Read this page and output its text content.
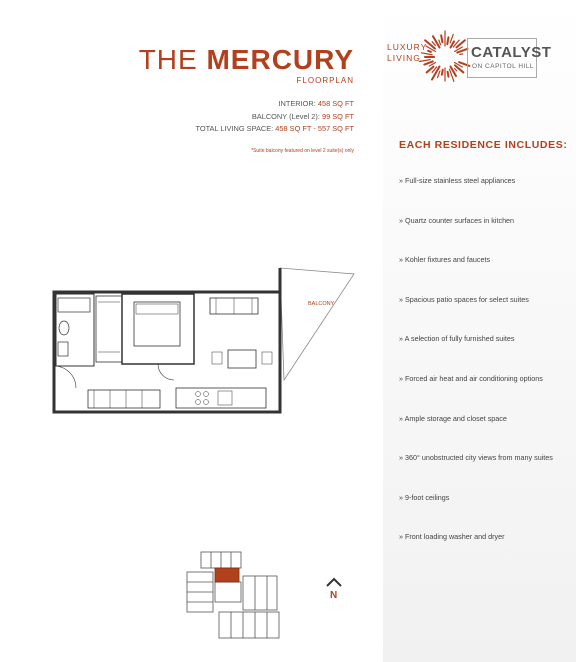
THE MERCURY
FLOORPLAN
INTERIOR: 458 SQ FT
BALCONY (Level 2): 99 SQ FT
TOTAL LIVING SPACE: 458 SQ FT - 557 SQ FT
*Suite balcony featured on level 2 suite(s) only
LUXURY
LIVING	CATALYST
ON CAPITOL HILL
EACH RESIDENCE INCLUDES:
» Full-size stainless steel appliances
» Quartz counter surfaces in kitchen
» Kohler fixtures and faucets
» Spacious patio spaces for select suites
» A selection of fully furnished suites
» Forced air heat and air conditioning options
» Ample storage and closet space
» 360° unobstructed city views from many suites
» 9-foot ceilings
» Front loading washer and dryer
BALCONY
N
